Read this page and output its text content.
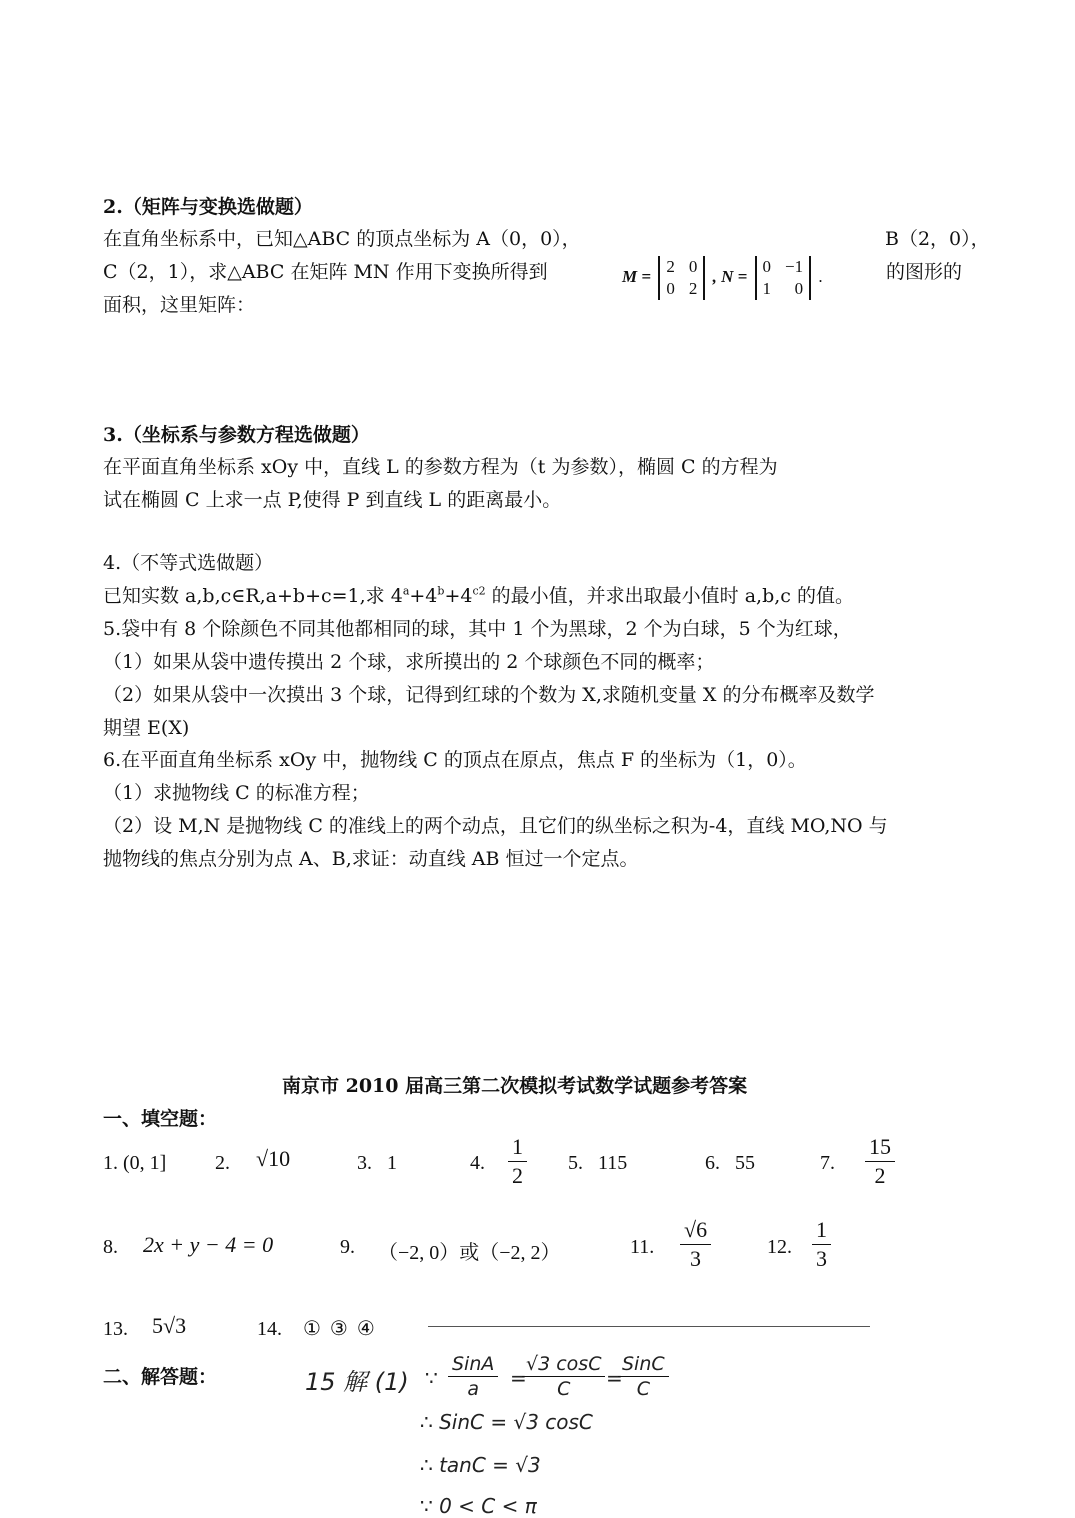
2.（矩阵与变换选做题）
在直角坐标系中，已知△ABC 的顶点坐标为 A（0，0），	B（2，0），
C（2，1），求△ABC 在矩阵 MN 作用下变换所得到	的图形的
面积，这里矩阵：
M =
2 0
0 2
, N =
0 −1
1 0
.
3.（坐标系与参数方程选做题）
在平面直角坐标系 xOy 中，直线 L 的参数方程为（t 为参数），椭圆 C 的方程为
试在椭圆 C 上求一点 P,使得 P 到直线 L 的距离最小。
4.（不等式选做题）
已知实数 a,b,c∈R,a+b+c=1,求 $4^a+4^b+4^{c2}$ 的最小值，并求出取最小值时 a,b,c 的值。
5.袋中有 8 个除颜色不同其他都相同的球，其中 1 个为黑球，2 个为白球，5 个为红球，
（1）如果从袋中遗传摸出 2 个球，求所摸出的 2 个球颜色不同的概率；
（2）如果从袋中一次摸出 3 个球，记得到红球的个数为 X,求随机变量 X 的分布概率及数学
期望 E(X)
6.在平面直角坐标系 xOy 中，抛物线 C 的顶点在原点，焦点 F 的坐标为（1，0）。
（1）求抛物线 C 的标准方程；
（2）设 M,N 是抛物线 C 的准线上的两个动点，且它们的纵坐标之积为-4，直线 MO,NO 与
抛物线的焦点分别为点 A、B,求证：动直线 AB 恒过一个定点。
南京市 2010 届高三第二次模拟考试数学试题参考答案
一、填空题：
1. (0, 1] 2. √10	3. 1	4. $\frac{1}{2} 5$. 115	6. 55	7. $\frac{15}{2}$
8. 2x + y − 4 = 0	9. （−2, 0）或（−2, 2）	11. $\frac{√6}{3}$	12. $\frac{1}{3}$
13. 5√3	14. ① ③ ④
二、解答题：	15 解 (1) ∵
SinA
a	=
$\frac{√3 \cos C}{C}$ =
SinC
C
∴ SinC = √3 cosC
∴ tanC = √3
∵ 0 < C < π
